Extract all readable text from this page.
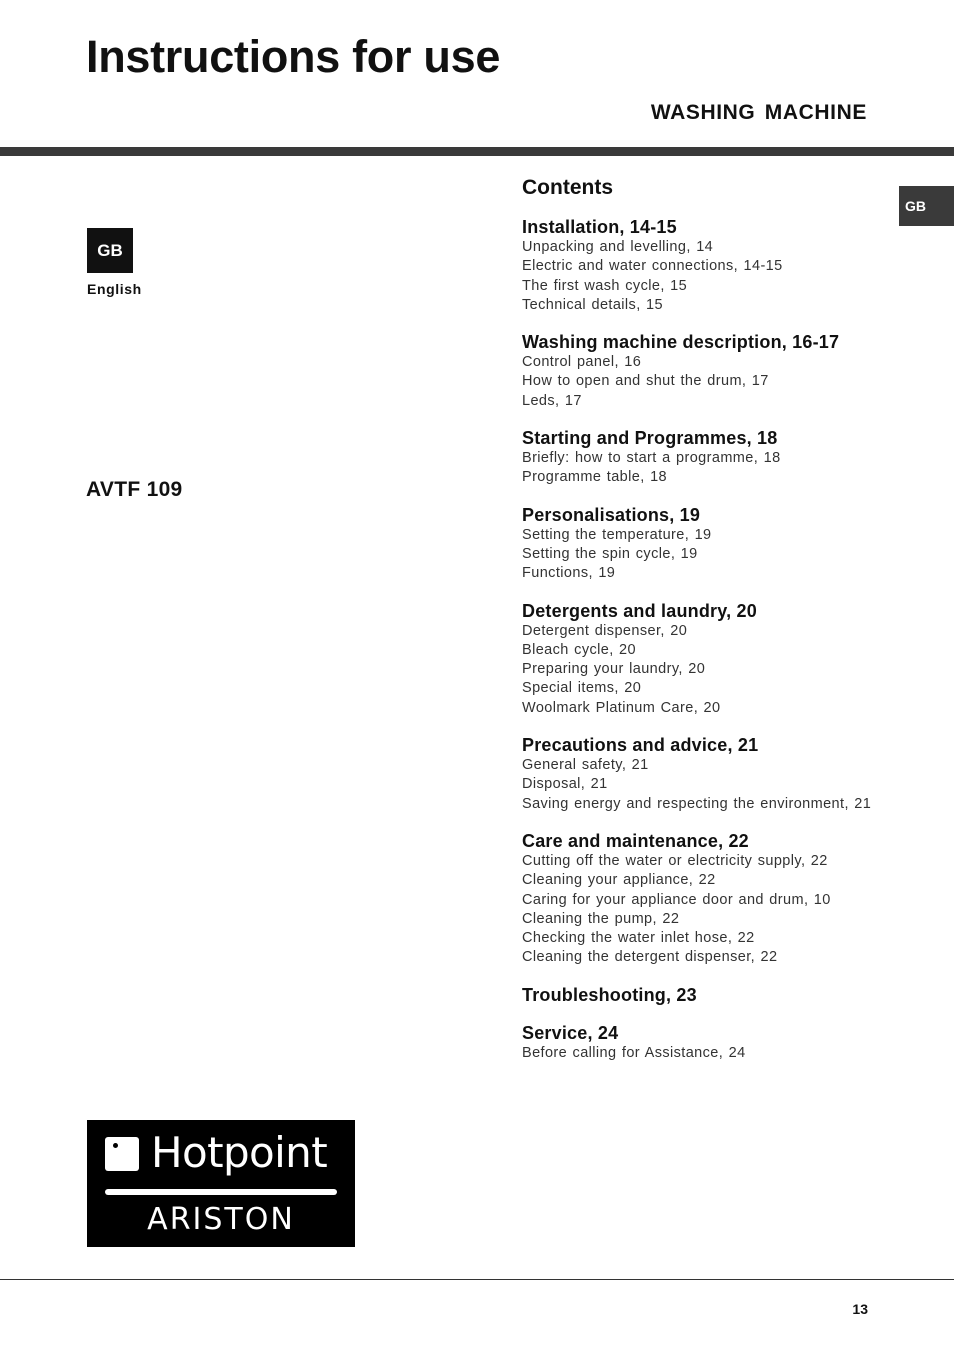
Instructions for use
WASHING MACHINE
GB
GB
English
AVTF 109
Contents
Installation, 14-15
Unpacking and levelling, 14
Electric and water connections, 14-15
The first wash cycle, 15
Technical details, 15
Washing machine description, 16-17
Control panel, 16
How to open and shut the drum, 17
Leds, 17
Starting and Programmes, 18
Briefly: how to start a programme, 18
Programme table, 18
Personalisations, 19
Setting the temperature, 19
Setting the spin cycle, 19
Functions, 19
Detergents and laundry, 20
Detergent dispenser, 20
Bleach cycle, 20
Preparing your laundry, 20
Special items, 20
Woolmark Platinum Care, 20
Precautions and advice, 21
General safety, 21
Disposal, 21
Saving energy and respecting the environment, 21
Care and maintenance, 22
Cutting off the water or electricity supply, 22
Cleaning your appliance, 22
Caring for your appliance door and drum, 10
Cleaning the pump, 22
Checking the water inlet hose, 22
Cleaning the detergent dispenser, 22
Troubleshooting, 23
Service, 24
Before calling for Assistance, 24
Hotpoint
ARISTON
13
